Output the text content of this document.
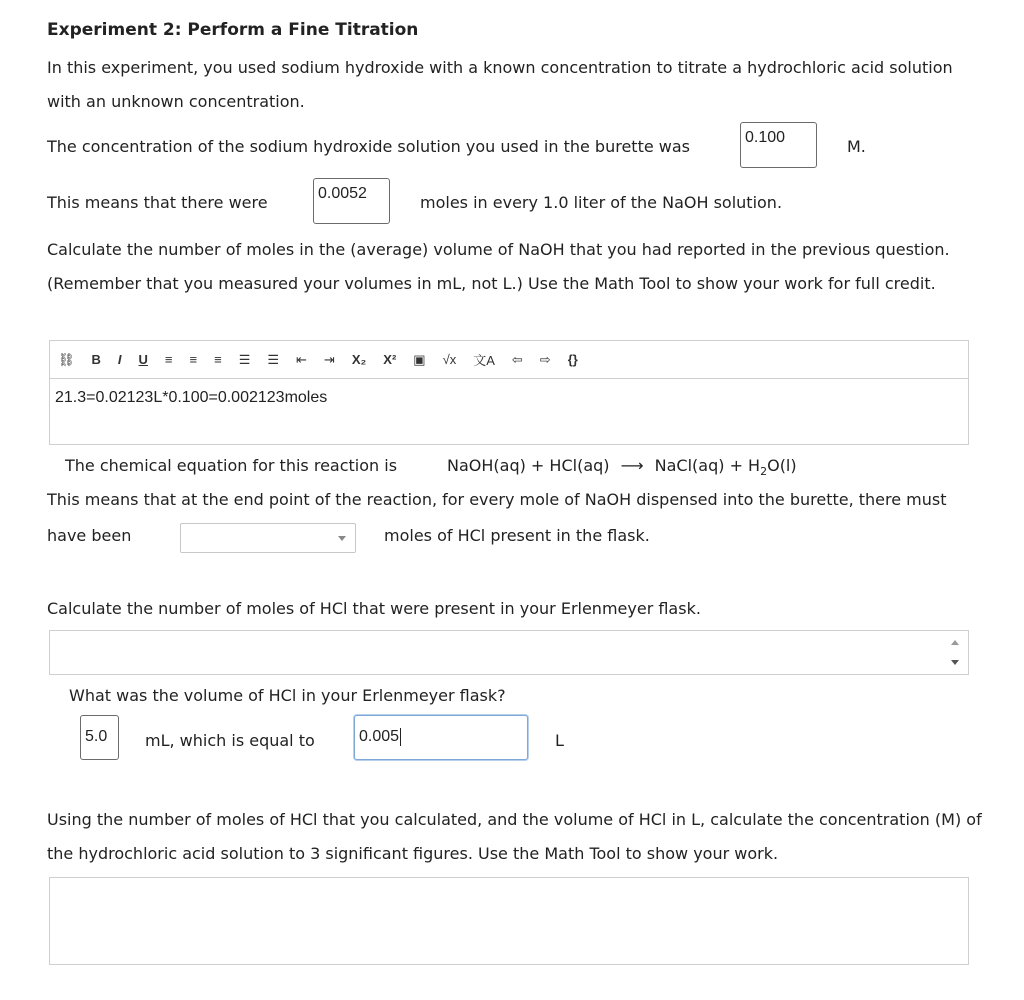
Experiment 2: Perform a Fine Titration
In this experiment, you used sodium hydroxide with a known concentration to titrate a hydrochloric acid solution with an unknown concentration.
The concentration of the sodium hydroxide solution you used in the burette was	0.100	M.
This means that there were	0.0052	moles in every 1.0 liter of the NaOH solution.
Calculate the number of moles in the (average) volume of NaOH that you had reported in the previous question. (Remember that you measured your volumes in mL, not L.) Use the Math Tool to show your work for full credit.
⛓ B I U ≡ ≡ ≡ ☰ ☰ ⇤ ⇥ X₂ X² ▣ √x 文A ⇦ ⇨ {}
21.3=0.02123L*0.100=0.002123moles
The chemical equation for this reaction is	NaOH(aq) + HCl(aq) ⟶ NaCl(aq) + $H_2O(l)$
This means that at the end point of the reaction, for every mole of NaOH dispensed into the burette, there must
have been	moles of HCl present in the flask.
Calculate the number of moles of HCl that were present in your Erlenmeyer flask.
What was the volume of HCl in your Erlenmeyer flask?
5.0	mL, which is equal to	0.005	L
Using the number of moles of HCl that you calculated, and the volume of HCl in L, calculate the concentration (M) of the hydrochloric acid solution to 3 significant figures. Use the Math Tool to show your work.
